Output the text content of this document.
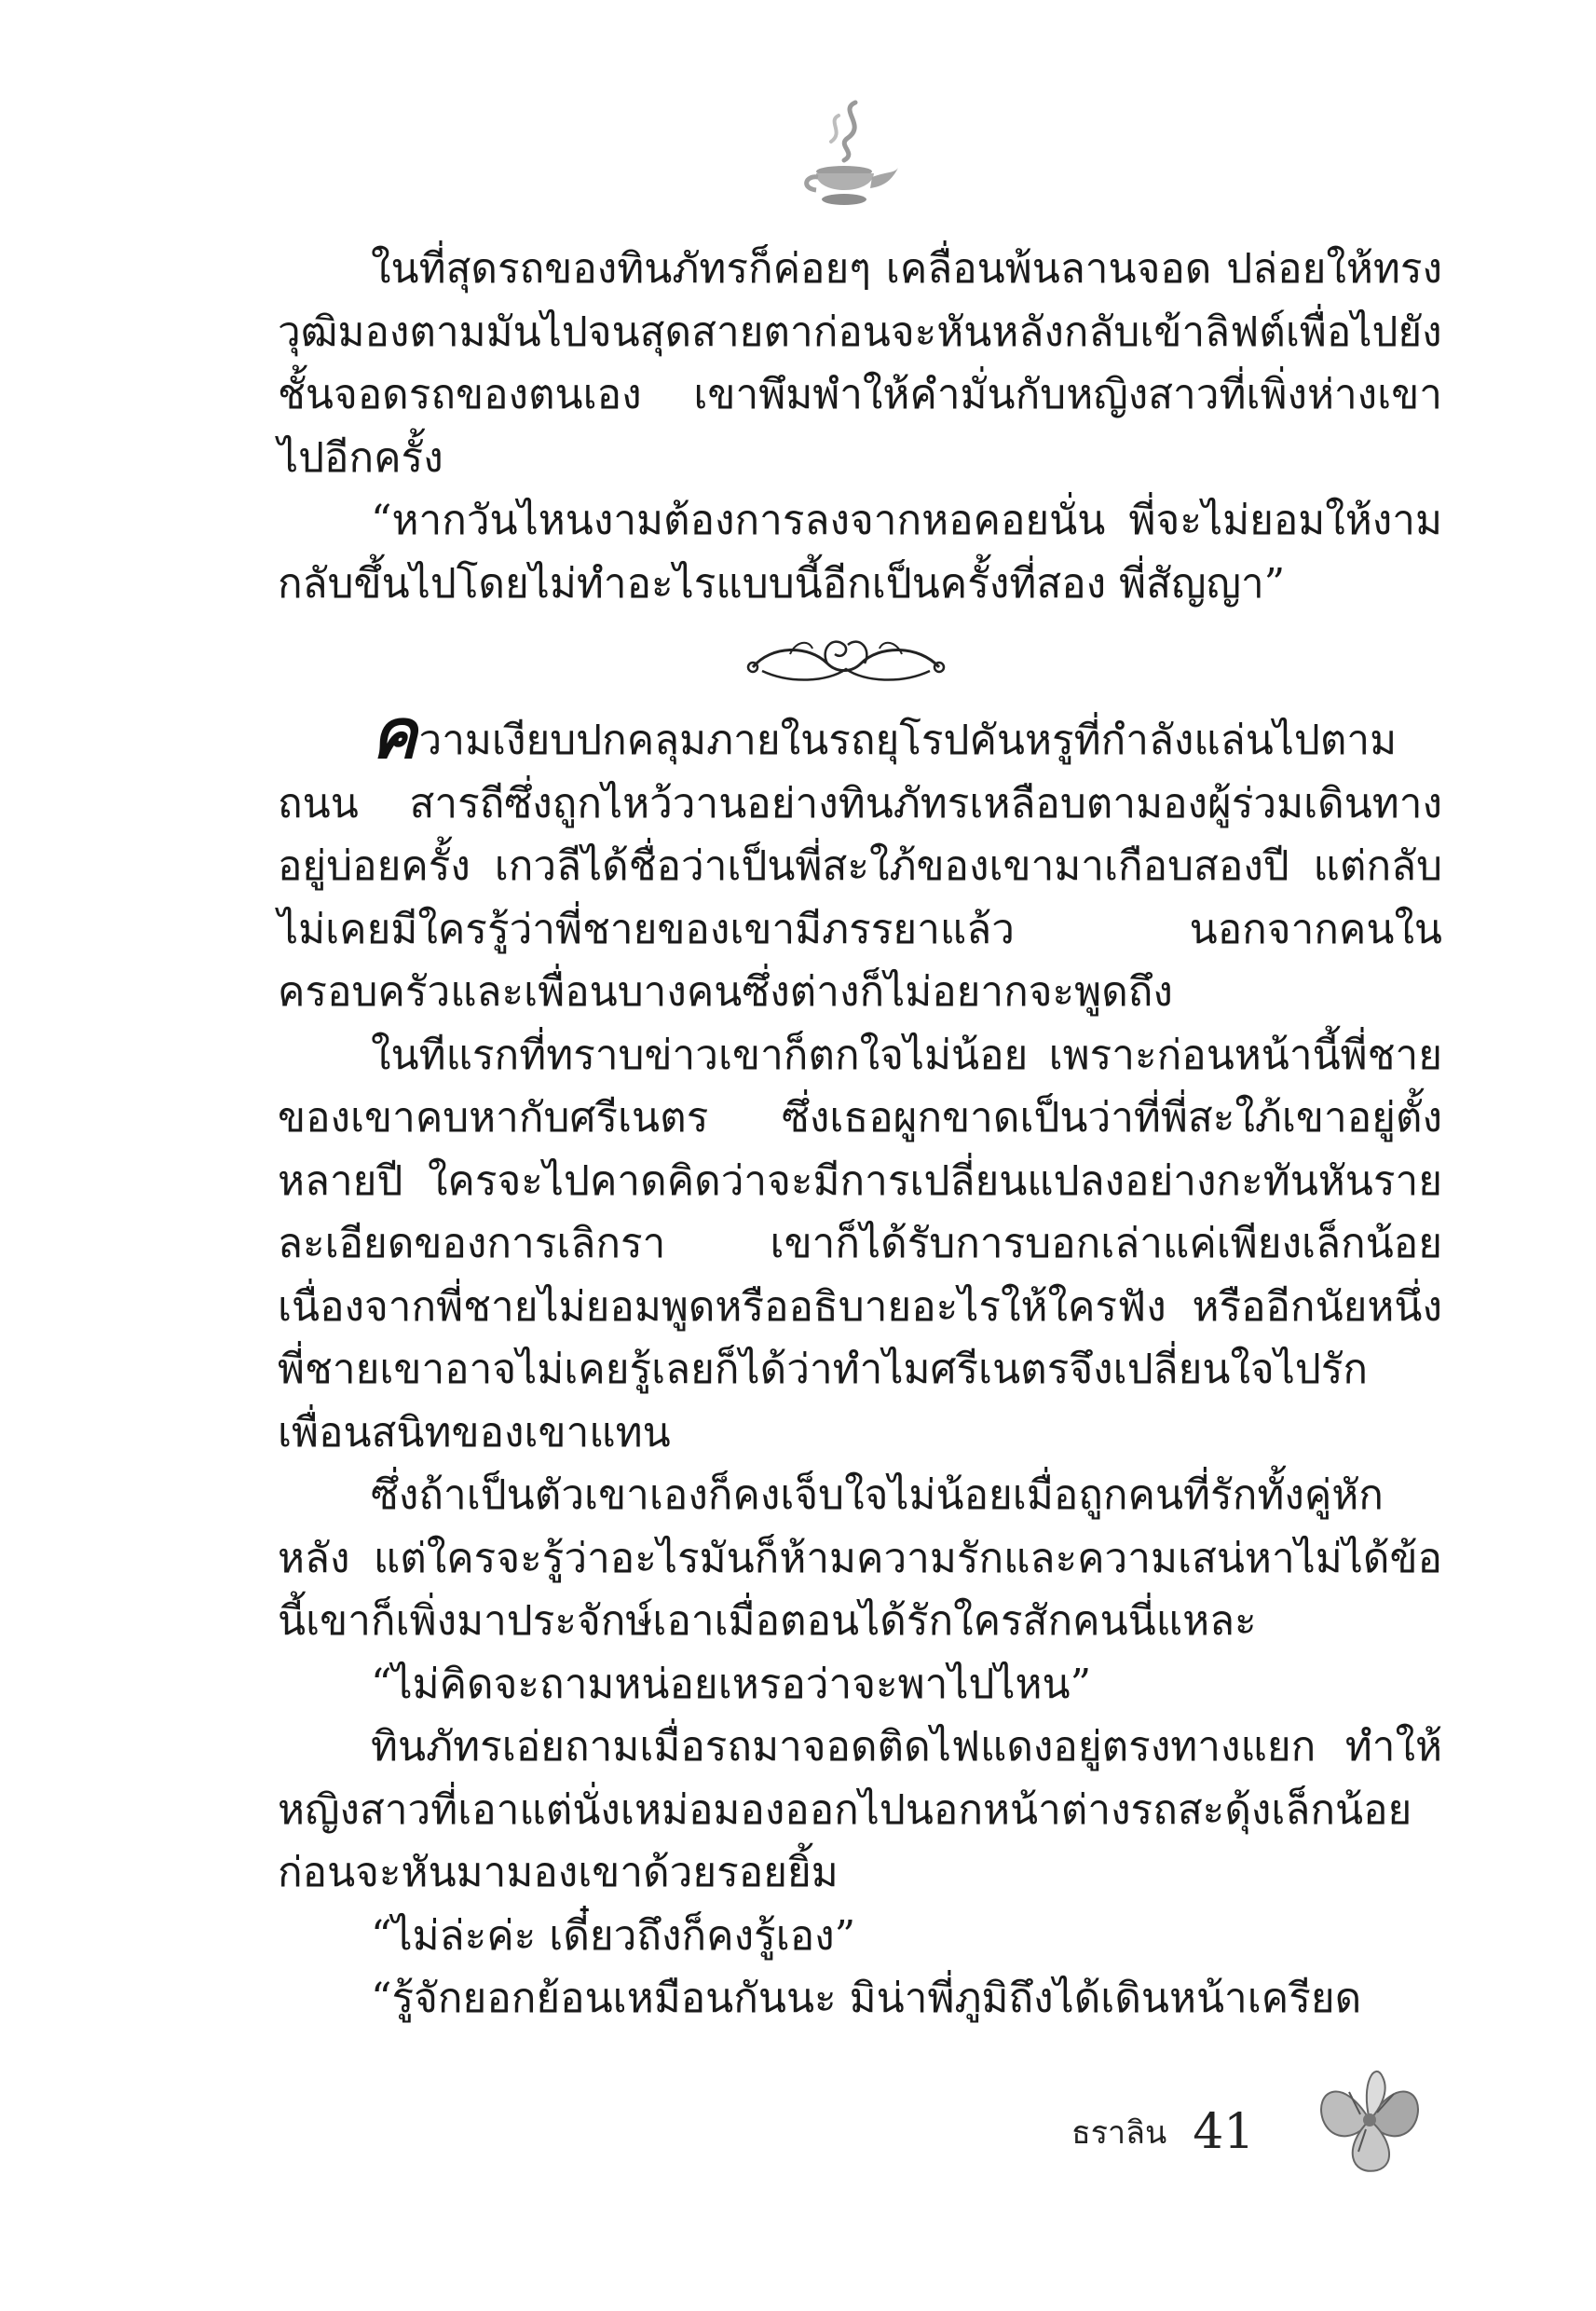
ในที่สุดรถของทินภัทรก็ค่อยๆ เคลื่อนพ้นลานจอด ปล่อยให้ทรงวุฒิมองตามมันไปจนสุดสายตาก่อนจะหันหลังกลับเข้าลิฟต์เพื่อไปยังชั้นจอดรถของตนเอง เขาพึมพำให้คำมั่นกับหญิงสาวที่เพิ่งห่างเขาไปอีกครั้ง

“หากวันไหนงามต้องการลงจากหอคอยนั่น พี่จะไม่ยอมให้งามกลับขึ้นไปโดยไม่ทำอะไรแบบนี้อีกเป็นครั้งที่สอง พี่สัญญา”

ความเงียบปกคลุมภายในรถยุโรปคันหรูที่กำลังแล่นไปตามถนน สารถีซึ่งถูกไหว้วานอย่างทินภัทรเหลือบตามองผู้ร่วมเดินทางอยู่บ่อยครั้ง เกวลีได้ชื่อว่าเป็นพี่สะใภ้ของเขามาเกือบสองปี แต่กลับไม่เคยมีใครรู้ว่าพี่ชายของเขามีภรรยาแล้ว นอกจากคนในครอบครัวและเพื่อนบางคนซึ่งต่างก็ไม่อยากจะพูดถึง

ในทีแรกที่ทราบข่าวเขาก็ตกใจไม่น้อย เพราะก่อนหน้านี้พี่ชายของเขาคบหากับศรีเนตร ซึ่งเธอผูกขาดเป็นว่าที่พี่สะใภ้เขาอยู่ตั้งหลายปี ใครจะไปคาดคิดว่าจะมีการเปลี่ยนแปลงอย่างกะทันหันรายละเอียดของการเลิกรา เขาก็ได้รับการบอกเล่าแค่เพียงเล็กน้อยเนื่องจากพี่ชายไม่ยอมพูดหรืออธิบายอะไรให้ใครฟัง หรืออีกนัยหนึ่งพี่ชายเขาอาจไม่เคยรู้เลยก็ได้ว่าทำไมศรีเนตรจึงเปลี่ยนใจไปรักเพื่อนสนิทของเขาแทน

ซึ่งถ้าเป็นตัวเขาเองก็คงเจ็บใจไม่น้อยเมื่อถูกคนที่รักทั้งคู่หักหลัง แต่ใครจะรู้ว่าอะไรมันก็ห้ามความรักและความเสน่หาไม่ได้ข้อนี้เขาก็เพิ่งมาประจักษ์เอาเมื่อตอนได้รักใครสักคนนี่แหละ

“ไม่คิดจะถามหน่อยเหรอว่าจะพาไปไหน”

ทินภัทรเอ่ยถามเมื่อรถมาจอดติดไฟแดงอยู่ตรงทางแยก ทำให้หญิงสาวที่เอาแต่นั่งเหม่อมองออกไปนอกหน้าต่างรถสะดุ้งเล็กน้อยก่อนจะหันมามองเขาด้วยรอยยิ้ม

“ไม่ล่ะค่ะ เดี๋ยวถึงก็คงรู้เอง”

“รู้จักยอกย้อนเหมือนกันนะ มิน่าพี่ภูมิถึงได้เดินหน้าเครียด

ธราลิน 41
